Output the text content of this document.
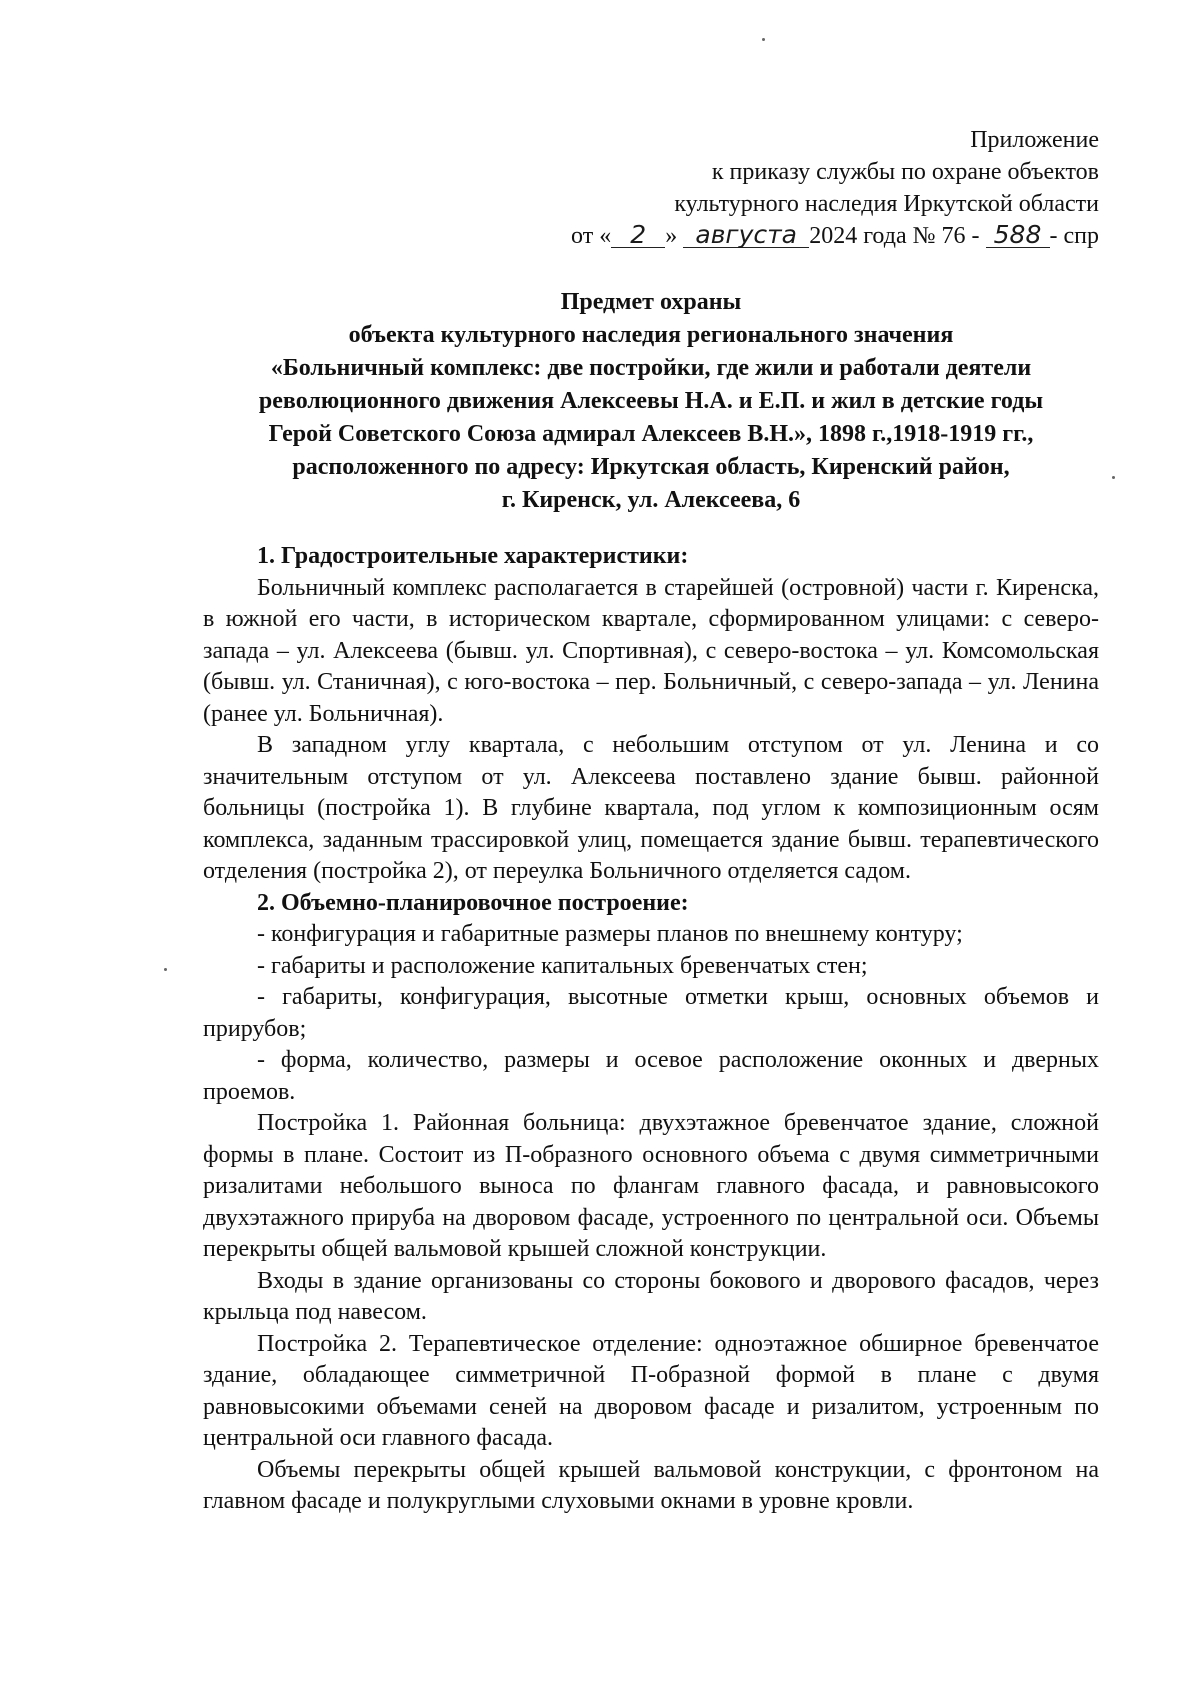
Приложение
к приказу службы по охране объектов
культурного наследия Иркутской области
от « 2 » августа 2024 года № 76 - 588 - спр
Предмет охраны
объекта культурного наследия регионального значения
«Больничный комплекс: две постройки, где жили и работали деятели
революционного движения Алексеевы Н.А. и Е.П. и жил в детские годы
Герой Советского Союза адмирал Алексеев В.Н.», 1898 г.,1918-1919 гг.,
расположенного по адресу: Иркутская область, Киренский район,
г. Киренск, ул. Алексеева, 6
1. Градостроительные характеристики:

Больничный комплекс располагается в старейшей (островной) части г. Киренска, в южной его части, в историческом квартале, сформированном улицами: с северо-запада – ул. Алексеева (бывш. ул. Спортивная), с северо-востока – ул. Комсомольская (бывш. ул. Станичная), с юго-востока – пер. Больничный, с северо-запада – ул. Ленина (ранее ул. Больничная).

В западном углу квартала, с небольшим отступом от ул. Ленина и со значительным отступом от ул. Алексеева поставлено здание бывш. районной больницы (постройка 1). В глубине квартала, под углом к композиционным осям комплекса, заданным трассировкой улиц, помещается здание бывш. терапевтического отделения (постройка 2), от переулка Больничного отделяется садом.

2. Объемно-планировочное построение:

- конфигурация и габаритные размеры планов по внешнему контуру;

- габариты и расположение капитальных бревенчатых стен;

- габариты, конфигурация, высотные отметки крыш, основных объемов и прирубов;

- форма, количество, размеры и осевое расположение оконных и дверных проемов.

Постройка 1. Районная больница: двухэтажное бревенчатое здание, сложной формы в плане. Состоит из П-образного основного объема с двумя симметричными ризалитами небольшого выноса по флангам главного фасада, и равновысокого двухэтажного прируба на дворовом фасаде, устроенного по центральной оси. Объемы перекрыты общей вальмовой крышей сложной конструкции.

Входы в здание организованы со стороны бокового и дворового фасадов, через крыльца под навесом.

Постройка 2. Терапевтическое отделение: одноэтажное обширное бревенчатое здание, обладающее симметричной П-образной формой в плане с двумя равновысокими объемами сеней на дворовом фасаде и ризалитом, устроенным по центральной оси главного фасада.

Объемы перекрыты общей крышей вальмовой конструкции, с фронтоном на главном фасаде и полукруглыми слуховыми окнами в уровне кровли.
